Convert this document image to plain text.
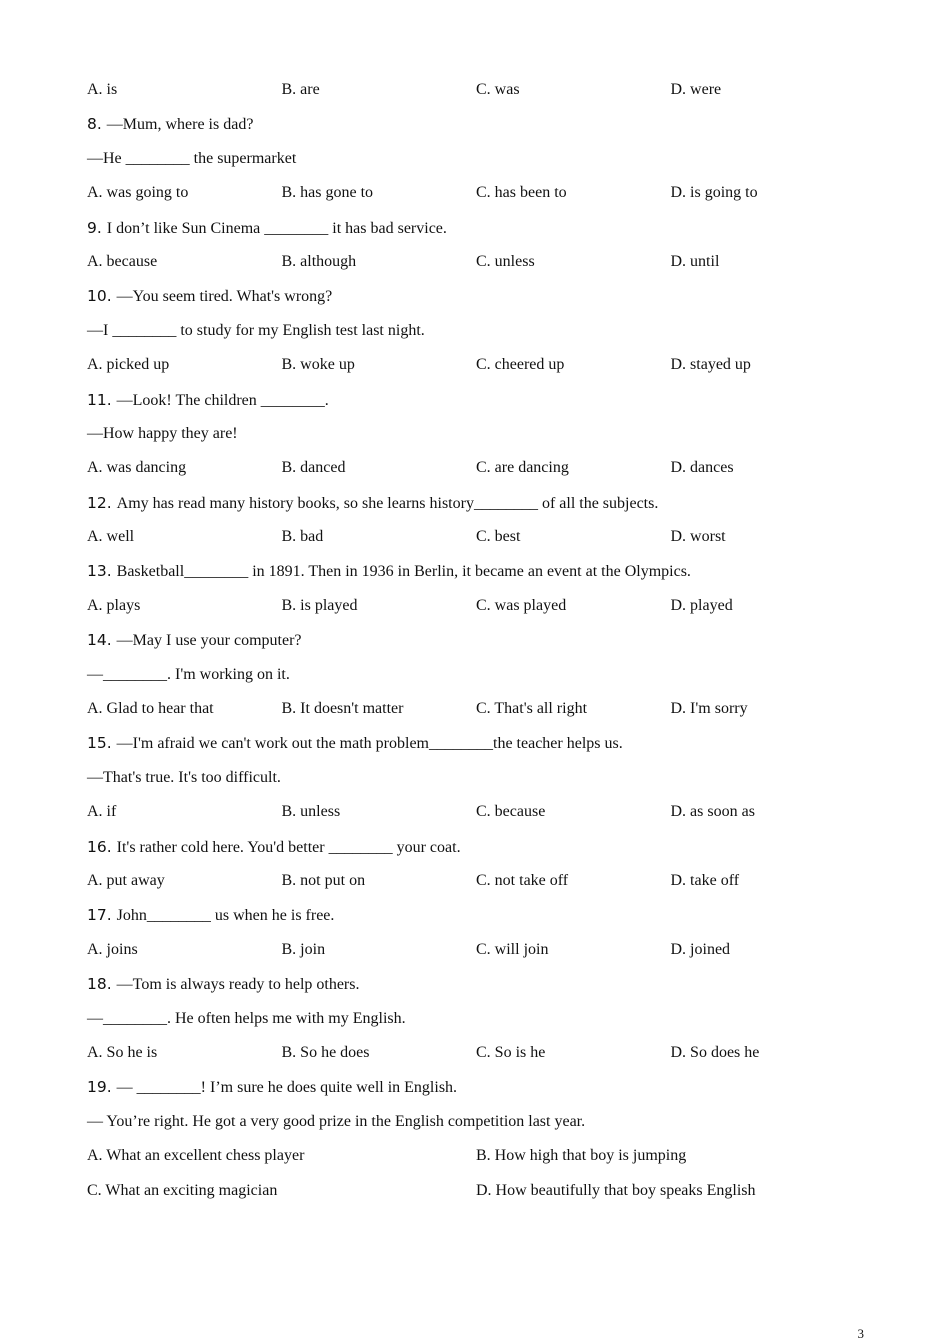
A. is	B. are	C. was	D. were
8. —Mum, where is dad?
—He ________ the supermarket
A. was going to	B. has gone to	C. has been to	D. is going to
9. I don’t like Sun Cinema ________ it has bad service.
A. because	B. although	C. unless	D. until
10. —You seem tired. What's wrong?
—I ________ to study for my English test last night.
A. picked up	B. woke up	C. cheered up	D. stayed up
11. —Look! The children ________.
—How happy they are!
A. was dancing	B. danced	C. are dancing	D. dances
12. Amy has read many history books, so she learns history________ of all the subjects.
A. well	B. bad	C. best	D. worst
13. Basketball________ in 1891. Then in 1936 in Berlin, it became an event at the Olympics.
A. plays	B. is played	C. was played	D. played
14. —May I use your computer?
—________. I'm working on it.
A. Glad to hear that	B. It doesn't matter	C. That's all right	D. I'm sorry
15. —I'm afraid we can't work out the math problem________the teacher helps us.
—That's true. It's too difficult.
A. if	B. unless	C. because	D. as soon as
16. It's rather cold here. You'd better ________ your coat.
A. put away	B. not put on	C. not take off	D. take off
17. John________ us when he is free.
A. joins	B. join	C. will join	D. joined
18. —Tom is always ready to help others.
—________. He often helps me with my English.
A. So he is	B. So he does	C. So is he	D. So does he
19. — ________! I’m sure he does quite well in English.
— You’re right. He got a very good prize in the English competition last year.
A. What an excellent chess player	B. How high that boy is jumping
C. What an exciting magician	D. How beautifully that boy speaks English
3
